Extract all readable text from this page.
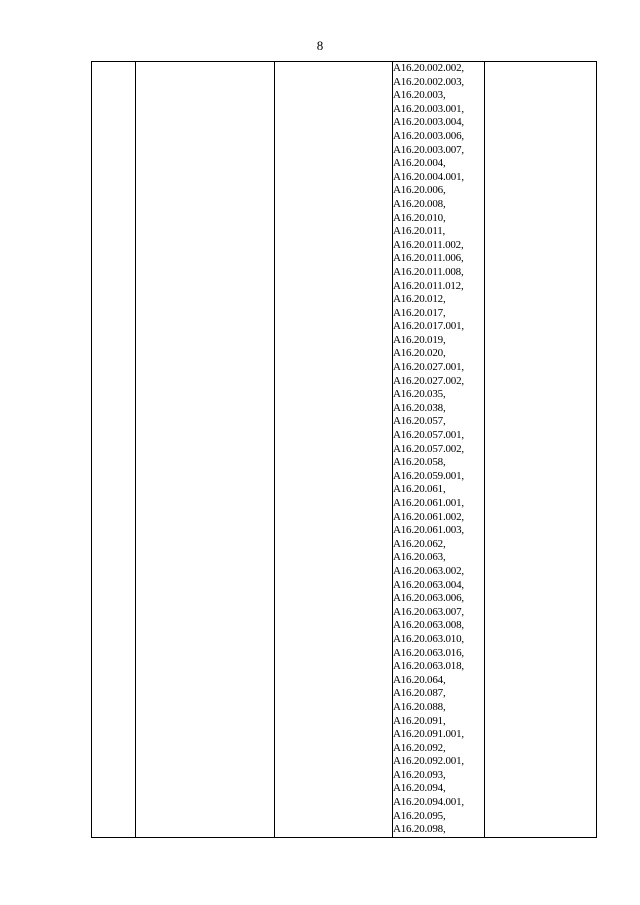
8

A16.20.002.002,
A16.20.002.003,
A16.20.003,
A16.20.003.001,
A16.20.003.004,
A16.20.003.006,
A16.20.003.007,
A16.20.004,
A16.20.004.001,
A16.20.006,
A16.20.008,
A16.20.010,
A16.20.011,
A16.20.011.002,
A16.20.011.006,
A16.20.011.008,
A16.20.011.012,
A16.20.012,
A16.20.017,
A16.20.017.001,
A16.20.019,
A16.20.020,
A16.20.027.001,
A16.20.027.002,
A16.20.035,
A16.20.038,
A16.20.057,
A16.20.057.001,
A16.20.057.002,
A16.20.058,
A16.20.059.001,
A16.20.061,
A16.20.061.001,
A16.20.061.002,
A16.20.061.003,
A16.20.062,
A16.20.063,
A16.20.063.002,
A16.20.063.004,
A16.20.063.006,
A16.20.063.007,
A16.20.063.008,
A16.20.063.010,
A16.20.063.016,
A16.20.063.018,
A16.20.064,
A16.20.087,
A16.20.088,
A16.20.091,
A16.20.091.001,
A16.20.092,
A16.20.092.001,
A16.20.093,
A16.20.094,
A16.20.094.001,
A16.20.095,
A16.20.098,
